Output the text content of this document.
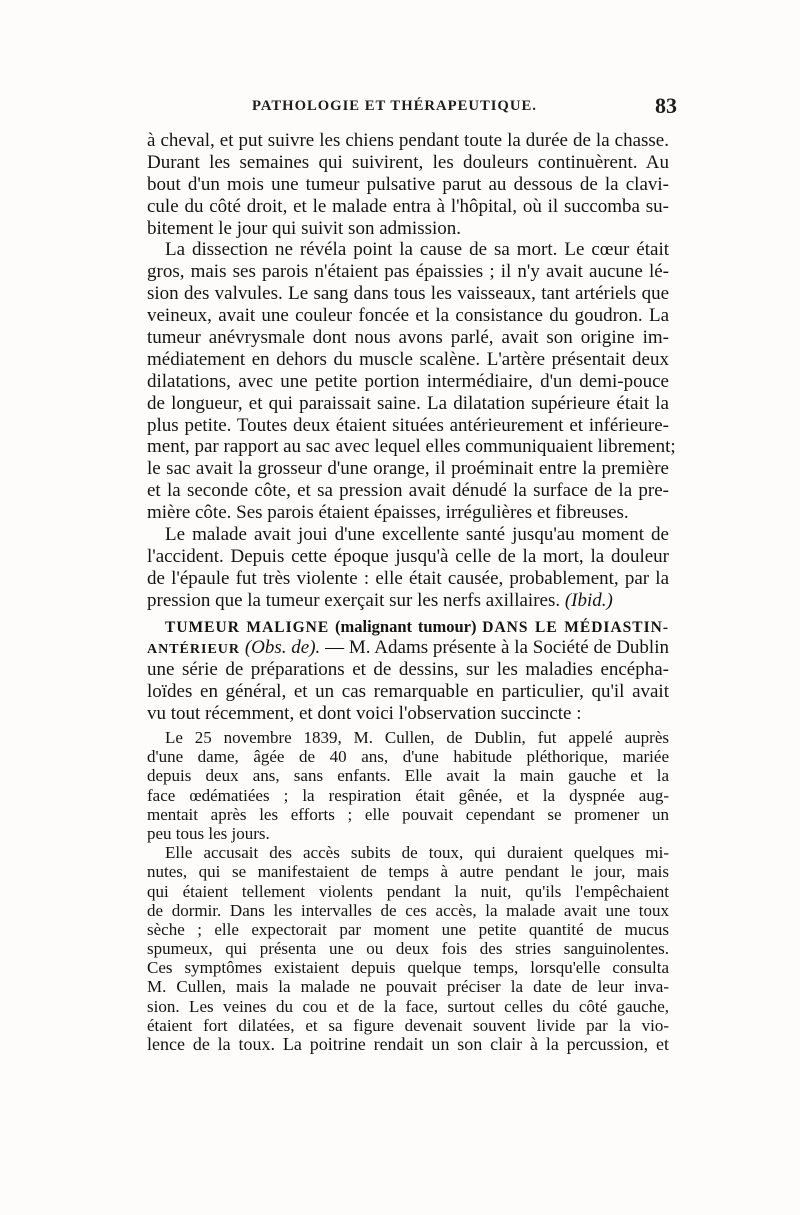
PATHOLOGIE ET THÉRAPEUTIQUE.	83
à cheval, et put suivre les chiens pendant toute la durée de la chasse.
Durant les semaines qui suivirent, les douleurs continuèrent. Au
bout d'un mois une tumeur pulsative parut au dessous de la clavi-
cule du côté droit, et le malade entra à l'hôpital, où il succomba su-
bitement le jour qui suivit son admission.
La dissection ne révéla point la cause de sa mort. Le cœur était
gros, mais ses parois n'étaient pas épaissies ; il n'y avait aucune lé-
sion des valvules. Le sang dans tous les vaisseaux, tant artériels que
veineux, avait une couleur foncée et la consistance du goudron. La
tumeur anévrysmale dont nous avons parlé, avait son origine im-
médiatement en dehors du muscle scalène. L'artère présentait deux
dilatations, avec une petite portion intermédiaire, d'un demi-pouce
de longueur, et qui paraissait saine. La dilatation supérieure était la
plus petite. Toutes deux étaient situées antérieurement et inférieure-
ment, par rapport au sac avec lequel elles communiquaient librement;
le sac avait la grosseur d'une orange, il proéminait entre la première
et la seconde côte, et sa pression avait dénudé la surface de la pre-
mière côte. Ses parois étaient épaisses, irrégulières et fibreuses.
Le malade avait joui d'une excellente santé jusqu'au moment de
l'accident. Depuis cette époque jusqu'à celle de la mort, la douleur
de l'épaule fut très violente : elle était causée, probablement, par la
pression que la tumeur exerçait sur les nerfs axillaires. (Ibid.)
TUMEUR MALIGNE (malignant tumour) DANS LE MÉDIASTIN-
ANTÉRIEUR (Obs. de). — M. Adams présente à la Société de Dublin
une série de préparations et de dessins, sur les maladies encépha-
loïdes en général, et un cas remarquable en particulier, qu'il avait
vu tout récemment, et dont voici l'observation succincte :
Le 25 novembre 1839, M. Cullen, de Dublin, fut appelé auprès
d'une dame, âgée de 40 ans, d'une habitude pléthorique, mariée
depuis deux ans, sans enfants. Elle avait la main gauche et la
face œdématiées ; la respiration était gênée, et la dyspnée aug-
mentait après les efforts ; elle pouvait cependant se promener un
peu tous les jours.
Elle accusait des accès subits de toux, qui duraient quelques mi-
nutes, qui se manifestaient de temps à autre pendant le jour, mais
qui étaient tellement violents pendant la nuit, qu'ils l'empêchaient
de dormir. Dans les intervalles de ces accès, la malade avait une toux
sèche ; elle expectorait par moment une petite quantité de mucus
spumeux, qui présenta une ou deux fois des stries sanguinolentes.
Ces symptômes existaient depuis quelque temps, lorsqu'elle consulta
M. Cullen, mais la malade ne pouvait préciser la date de leur inva-
sion. Les veines du cou et de la face, surtout celles du côté gauche,
étaient fort dilatées, et sa figure devenait souvent livide par la vio-
lence de la toux. La poitrine rendait un son clair à la percussion, et
